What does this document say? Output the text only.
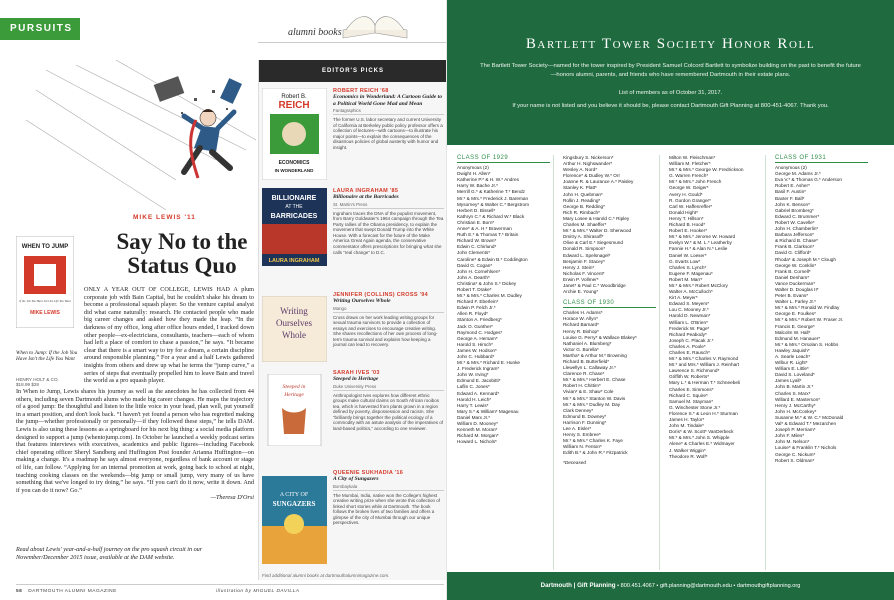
PURSUITS	alumni books
MIKE LEWIS '11
Say No to the Status Quo
WHEN TO JUMP
If the Job You Have Isn't the Life You Want
MIKE LEWIS
When to Jump: If the Job You Have Isn't the Life You Want
HENRY HOLT & CO.
$18.99 $28

ONLY A YEAR OUT OF COLLEGE, LEWIS HAD A plum corporate job with Bain Capital, but he couldn't shake his dream to become a professional squash player. So the venture capital analyst did what came naturally: research. He contacted people who made big career changes and asked how they made the leap. “In the darkness of my office, long after office hours ended, I tracked down other people—ex-electricians, consultants, teachers—each of whom had left a place of comfort to chase a passion,” he says. “It became clear that there is a smart way to try for a dream, a certain discipline around responsible planning.” For a year and a half Lewis gathered insights from others and drew up what he terms the “jump curve,” a series of steps that eventually propelled him to leave Bain and travel the world as a pro squash player.

In When to Jump, Lewis shares his journey as well as the anecdotes he has collected from 44 others, including seven Dartmouth alums who made big career changes. He maps the trajectory of a good jump: Be thoughtful and listen to the little voice in your head, plan well, put yourself in a smart position, and don't look back. “I haven't yet found a person who has regretted making the jump—whether professionally or personally—if they followed these steps,” he tells DAM. Lewis is also using these lessons as a springboard for his next big thing: a social media platform designed to support a jump (whentojump.com). In October he launched a weekly podcast series that features interviews with executives, academics and public figures—including Facebook chief operating officer Sheryl Sandberg and Huffington Post founder Arianna Huffington—on making a change. It's a roadmap he says almost everyone, regardless of bank account or stage of life, can follow. “Applying for an internal promotion at work, going back to school at night, teaching cooking classes on the weekends—big jump or small jump, very many of us have something that we've longed to try doing,” he says. “If you can't do it now, write it down. And if you can do it now? Go.”
—Theresa D'Orsi

Read about Lewis' year-and-a-half journey on the pro squash circuit in our November/December 2015 issue, available at the DAM website.

EDITOR'S PICKS
Robert B.
REICH
ECONOMICS
IN WONDERLAND
ROBERT REICH '68
Economics in Wonderland: A Cartoon Guide to a Political World Gone Mad and Mean
Fantagraphics
The former U.S. labor secretary and current University of California at Berkeley public policy professor offers a collection of lectures—with cartoons—to illustrate his major points—to explain the consequences of the disastrous policies of global austerity with humor and insight.
BILLIONAIRE
AT THE
BARRICADES
LAURA INGRAHAM
LAURA INGRAHAM '85
Billionaire at the Barricades
St. Martin's Press
Ingraham traces the DNA of the populist movement, from Barry Goldwater's 1964 campaign through the Tea Party rallies of the Obama presidency, to explain the movement that swept Donald Trump into the White House. With a forecast for the future of the Make America Great Again agenda, the conservative commentator offers prescriptions for bringing what she calls “real change” to D.C.
Writing
Ourselves
Whole
JENNIFER (COLLINS) CROSS '94
Writing Ourselves Whole
Mango
Cross draws on her work leading writing groups for sexual trauma survivors to provide a collection of essays and exercises to encourage creative writing. She shares recollections of her own process of long-term trauma survival and explains how keeping a journal can lead to recovery.
Steeped in
Heritage
SARAH IVES '03
Steeped in Heritage
Duke University Press
Anthropologist Ives explores how different ethnic groups make cultural claims on South African rooibos tea, which is harvested from plants grown in a region defined by poverty, dispossession and racism. She “brilliantly brings together the political ecology of a commodity with an astute analysis of the imperatives of land-based politics,” according to one reviewer.
A CITY OF
SUNGAZERS
QUEENIE SUKHADIA '16
A City of Sungazers
Bombaykala
The Mumbai, India, native won the College's highest creative writing prize when she wrote this collection of linked short stories while at Dartmouth. The book follows the broken lives of two families and offers a glimpse of the city of Mumbai through our unique perspectives.
Find additional alumni books at dartmouthalumnimagazine.com.
58 DARTMOUTH ALUMNI MAGAZINE	illustration by MIGUEL DAVILLA
Bartlett Tower Society Honor Roll
The Bartlett Tower Society—named for the tower inspired by President Samuel Colcord Bartlett to symbolize building on the past to benefit the future—honors alumni, parents, and friends who have remembered Dartmouth in their estate plans.
List of members as of October 31, 2017.
If your name is not listed and you believe it should be, please contact Dartmouth Gift Planning at 800-451-4067. Thank you.
CLASS OF 1929
Anonymous (2)
Dwight H. Allen*
Katherine P.* & H. W.* Andres
Harry W. Bache Jr.*
Merrill G.* & Katherine T.* Bendz
Mr.* & Mrs.* Frederick J. Bareman
Mysorney* & Walter C.* Bergstrom
Herbert D. Bissell*
Kathryn C.* & Richard W.* Black
Christian E. Born*
Anne* & A. H.* Braverman
Ruth E.* & Thomas T.* Britain
Richard W. Brown*
Edwin C. Chirlund*
John Clements*
Caroline* & Edwin B.* Coddington
David G. Cogan*
John H. Cornehlsen*
John A. Dearth*
Christina* & John S.* Dickey
Robert T. Drake*
Mr.* & Mrs.* Charles M. Dudley
Richard F. Eberlein*
Edwin P. Felch Jr.*
Allen R. Floyd*
Stanton A. Friedberg*
Jack O. Gunther*
Raymond C. Hodges*
George A. Hersam*
Harold S. Hirsch*
James W. Hodson*
John C. Hubbard*
Mr.* & Mrs.* Richard E. Hunke
J. Frederick Ingram*
John W. Irving*
Edmund E. Jacobitti*
Laflin C. Jones*
Edward A. Kennard*
Harold H. Leich*
Harry T. Lewis*
Mary S.* & William* Magenau
Daniel Marx Jr.*
William D. Mooney*
Kenneth M. Moran*
Richard M. Morgan*
Howard L. Nichols*
Kingsbury S. Nickerson*
Arthur H. Nighswander*
Wesley A. Nord*
Florence* & Dudley W.* Orr
Joanne R. & Laurance A.* Paisley
Stanley K. Platt*
John H. Quebman*
Rollin J. Reading*
George B. Redding*
Rich R. Rimbach*
Mary Losee & Harold C.* Ripley
Charles M. Shaeffer*
Mr.* & Mrs.* Walter D. Sherwood
Dmitry A. Shirasoff*
Olive & Carl E.* Siegesmund
Donald R. Simpson*
Edward L. Spelsnagel*
Benjamin F. Stacey*
Henry J. Stein*
Nicholas F. Vincent*
Erwin P. Vollmer*
Janet* & Paul C.* Woodbridge
Archie E. Young*
CLASS OF 1930
Charles H. Adams*
Horace W. Allyn*
Richard Barnard*
Henry R. Bishop*
Louise G. Perry* & Wallace Blakey*
Nathaniel A. Blumberg*
Victor G. Borella*
Martha* & Arthur M.* Browning
Richard B. Butterfield*
Llewellyn L. Callaway Jr.*
Clarence R. Chase*
Mr.* & Mrs.* Herbert E. Chase
Robert H. Chittim*
Vivian* & E. Shaw* Cole
Mr.* & Mrs.* Stanton W. Davis
Mr.* & Mrs.* Dudley M. Day
Clark Denney*
Edmund B. Downey*
Harrison F. Dunning*
Lee A. Eisler*
Henry S. Embree*
Mr.* & Mrs.* Charles K. Faye
William N. Fenton*
Edith B.* & John R.* Fitzpatrick
*Deceased
Milton W. Fleischman*
William M. Fletcher*
Mr.* & Mrs.* George W. Fredrickson
G. Warren French*
Mr.* & Mrs.* John French
George W. Geiger*
Avery H. Gould*
R. Gordon Granger*
Carl W. Haffenreffer*
Donald Hight*
Henry T. Hillson*
Richard B. Hood*
Robert E. Hooker*
Mr.* & Mrs.* Jerome W. Howard
Evelyn W.* & M. L.* Leatherby
Fannie H.* & Alan N.* Leslie
Daniel W. Loeser*
G. Evarts Low*
Charles S. Lynch*
Eugene F. Magenau*
Robert M. Marr*
Mr.* & Mrs.* Robert McClory
Walter A. McCulloch*
Kirt A. Meyer*
Edward S. Meyers*
Lou C. Mooney Jr.*
Harold D. Newman*
William L. O'Brien*
Frederick W. Page*
Richard Peabody*
Joseph C. Placak Jr.*
Charles A. Poole*
Charles E. Rausch*
Mr.* & Mrs.* Charles V. Raymond
Mr.* and Mrs.* William J. Reinhart
Lawrence S. Richmond*
Griffith W. Roberts*
Mary L.* & Herman T.* Schneebeli
Charles E. Simmons*
Richard C. Squire*
Samuel M. Stayman*
G. Winchester Stone Jr.*
Florence S.* & Leon H.* Sturman
James H. Taylor*
John M. Tindale*
Doris* & W. Scott* VanDerbeck
Mr.* & Mrs.* John S. Whipple
Alene* & Charles E.* Widmayer
J. Walker Wiggin*
Theodore R. Wolf*
CLASS OF 1931
Anonymous (2)
George M. Adams Jr.*
Eva V.* & Thomas G.* Anderson
Robert E. Asher*
Basil F. Austin*
Baxter F. Ball*
John K. Benson*
Gabriel Bromberg*
Edward C. Brummer*
Robert W. Cavelle*
John H. Chamberlin*
Barbara Jefferson*
& Richard B. Chase*
Frank B. Clarkson*
David G. Clifford*
Rhoda* & Joseph M.* Clough
George W. Conklin*
Frank B. Cornell*
Daniel Denham*
Vance Duckerman*
Walter D. Douglas II*
Peter B. Evans*
Walter L. Farley Jr.*
Mr.* & Mrs.* Ronald W. Findlay
George E. Foulkes*
Mr.* & Mrs.* Robert W. Fraser Jr.
Francis E. George*
Malcolm W. Hall*
Edmund M. Hanauer*
Mr.* & Mrs.* Orsolan S. Hobbs
Hawley Jaquish*
A. Searle Leach*
Wilbur R. Light*
William E. Little*
David S. Loveland*
James Lyall*
John B. Martin Jr.*
Charles S. Marx*
Willard E. Masterson*
Henry J. McCarthy*
John H. McConkey*
Susanne M.* & W. C.* McDonald
Val* & Edward T.* Mezarchen
Joseph P. Merriam*
John F. Miles*
John M. Nelson*
Louise* & Franklin T.* Nichols
George C. Nickum*
Robert S. Oldman*
Dartmouth | Gift Planning • 800.451.4067 • gift.planning@dartmouth.edu • dartmouthgiftplanning.org
